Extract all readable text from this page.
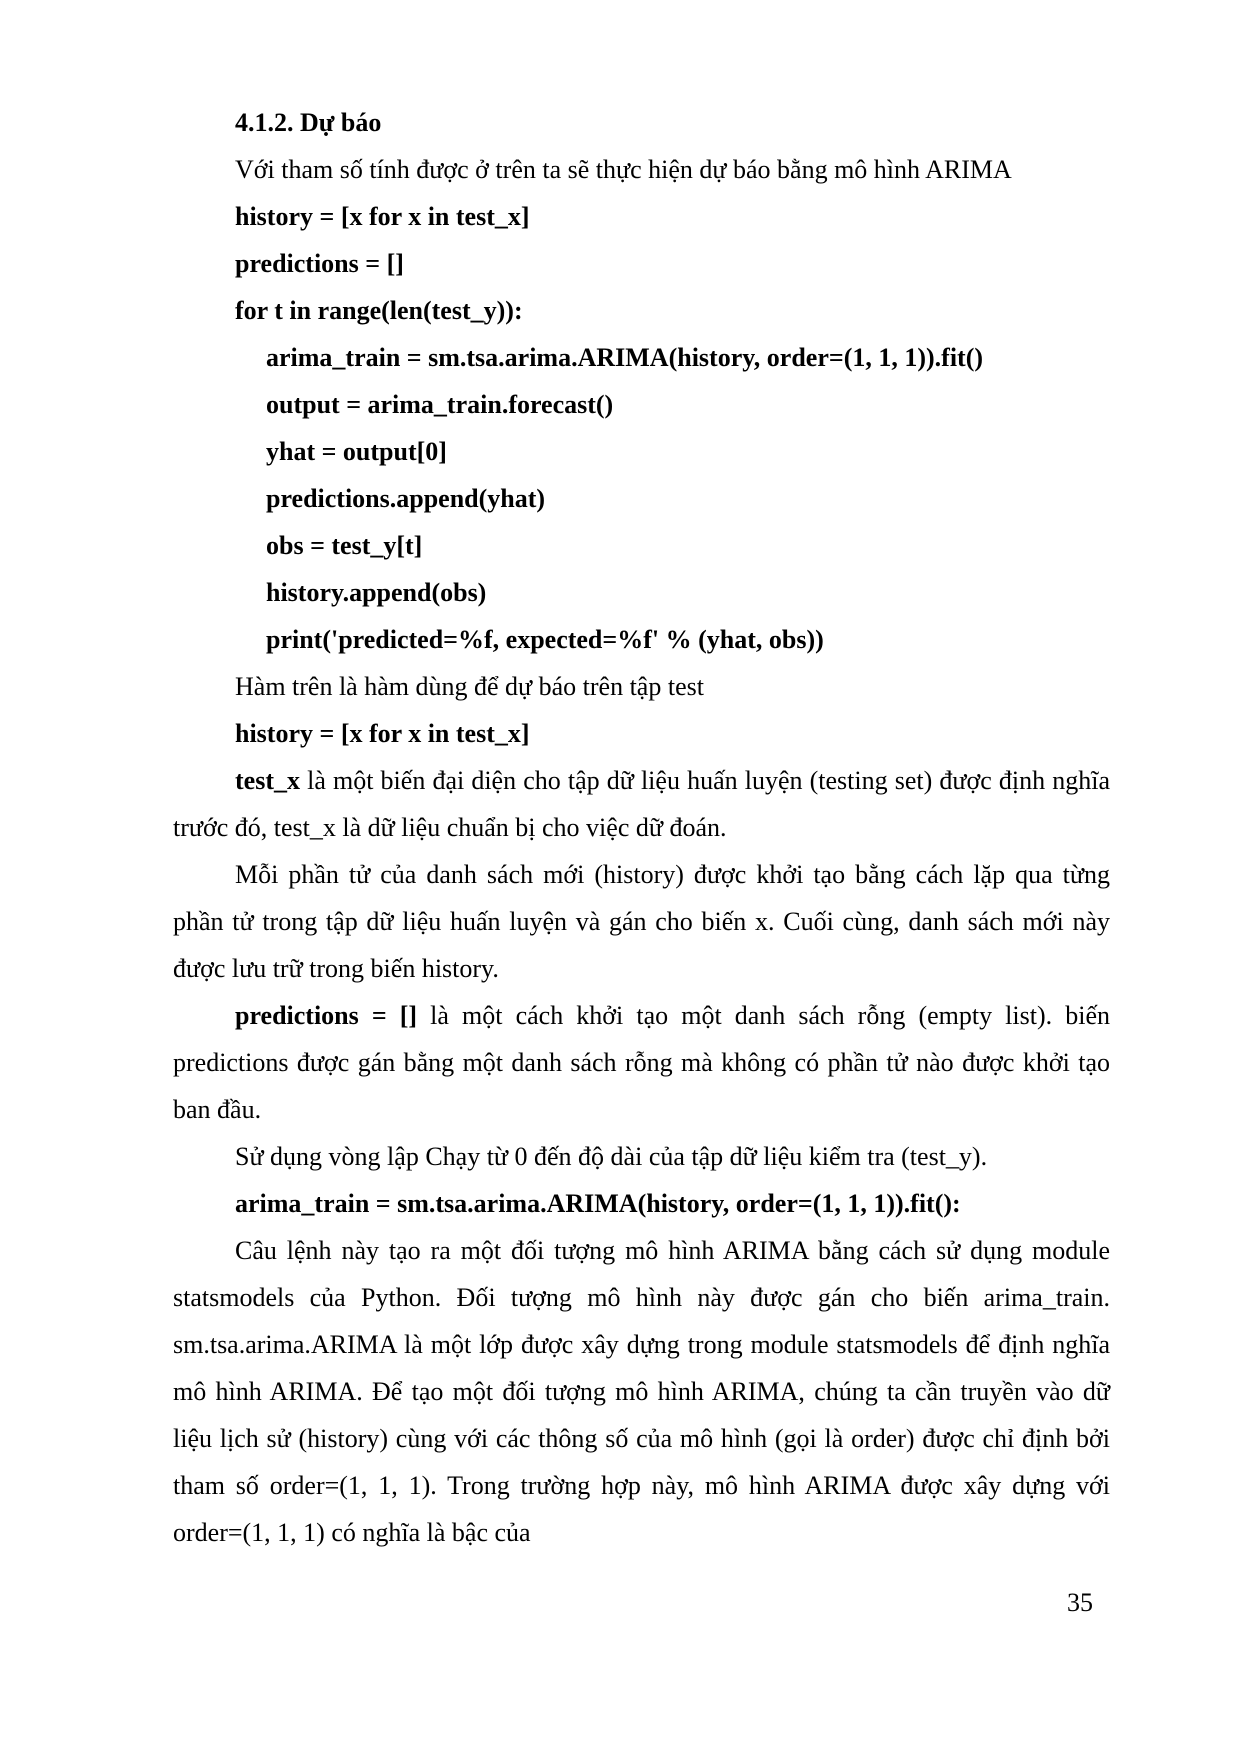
4.1.2. Dự báo
Với tham số tính được ở trên ta sẽ thực hiện dự báo bằng mô hình ARIMA
history = [x for x in test_x]
predictions = []
for t in range(len(test_y)):
arima_train = sm.tsa.arima.ARIMA(history, order=(1, 1, 1)).fit()
output = arima_train.forecast()
yhat = output[0]
predictions.append(yhat)
obs = test_y[t]
history.append(obs)
print('predicted=%f, expected=%f' % (yhat, obs))
Hàm trên là hàm dùng để dự báo trên tập test
history = [x for x in test_x]
test_x là một biến đại diện cho tập dữ liệu huấn luyện (testing set) được định nghĩa trước đó, test_x là dữ liệu chuẩn bị cho việc dữ đoán.
Mỗi phần tử của danh sách mới (history) được khởi tạo bằng cách lặp qua từng phần tử trong tập dữ liệu huấn luyện và gán cho biến x. Cuối cùng, danh sách mới này được lưu trữ trong biến history.
predictions = [] là một cách khởi tạo một danh sách rỗng (empty list). biến predictions được gán bằng một danh sách rỗng mà không có phần tử nào được khởi tạo ban đầu.
Sử dụng vòng lập Chạy từ 0 đến độ dài của tập dữ liệu kiểm tra (test_y).
arima_train = sm.tsa.arima.ARIMA(history, order=(1, 1, 1)).fit():
Câu lệnh này tạo ra một đối tượng mô hình ARIMA bằng cách sử dụng module statsmodels của Python. Đối tượng mô hình này được gán cho biến arima_train. sm.tsa.arima.ARIMA là một lớp được xây dựng trong module statsmodels để định nghĩa mô hình ARIMA. Để tạo một đối tượng mô hình ARIMA, chúng ta cần truyền vào dữ liệu lịch sử (history) cùng với các thông số của mô hình (gọi là order) được chỉ định bởi tham số order=(1, 1, 1). Trong trường hợp này, mô hình ARIMA được xây dựng với order=(1, 1, 1) có nghĩa là bậc của
35
